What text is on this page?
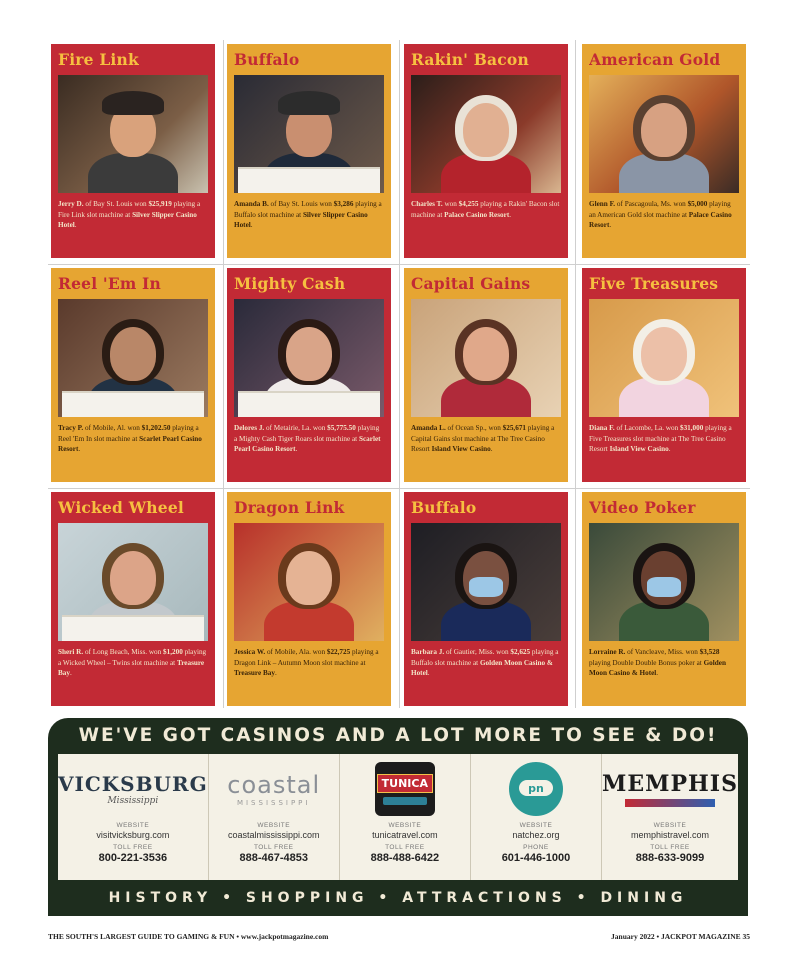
Fire Link
Jerry D. of Bay St. Louis won $25,919 playing a Fire Link slot machine at Silver Slipper Casino Hotel.
Buffalo
Amanda B. of Bay St. Louis won $3,286 playing a Buffalo slot machine at Silver Slipper Casino Hotel.
Rakin' Bacon
Charles T. won $4,255 playing a Rakin' Bacon slot machine at Palace Casino Resort.
American Gold
Glenn F. of Pascagoula, Ms. won $5,000 playing an American Gold slot machine at Palace Casino Resort.
Reel 'Em In
Tracy P. of Mobile, Al. won $1,202.50 playing a Reel 'Em In slot machine at Scarlet Pearl Casino Resort.
Mighty Cash
Delores J. of Metairie, La. won $5,775.50 playing a Mighty Cash Tiger Roars slot machine at Scarlet Pearl Casino Resort.
Capital Gains
Amanda L. of Ocean Sp., won $25,671 playing a Capital Gains slot machine at The Tree Casino Resort Island View Casino.
Five Treasures
Diana F. of Lacombe, La. won $31,000 playing a Five Treasures slot machine at The Tree Casino Resort Island View Casino.
Wicked Wheel
Sheri R. of Long Beach, Miss. won $1,200 playing a Wicked Wheel – Twins slot machine at Treasure Bay.
Dragon Link
Jessica W. of Mobile, Ala. won $22,725 playing a Dragon Link – Autumn Moon slot machine at Treasure Bay.
Buffalo
Barbara J. of Gautier, Miss. won $2,625 playing a Buffalo slot machine at Golden Moon Casino & Hotel.
Video Poker
Lorraine R. of Vancleave, Miss. won $3,528 playing Double Double Bonus poker at Golden Moon Casino & Hotel.
WE'VE GOT CASINOS AND A LOT MORE TO SEE & DO!
VICKSBURG
Mississippi
WEBSITE
visitvicksburg.com
TOLL FREE
800-221-3536
coastal
MISSISSIPPI
WEBSITE
coastalmississippi.com
TOLL FREE
888-467-4853
TUNICA
WEBSITE
tunicatravel.com
TOLL FREE
888-488-6422
pn
WEBSITE
natchez.org
PHONE
601-446-1000
MEMPHIS
WEBSITE
memphistravel.com
TOLL FREE
888-633-9099
HISTORY • SHOPPING • ATTRACTIONS • DINING
THE SOUTH'S LARGEST GUIDE TO GAMING & FUN • www.jackpotmagazine.com	January 2022 • JACKPOT MAGAZINE 35
